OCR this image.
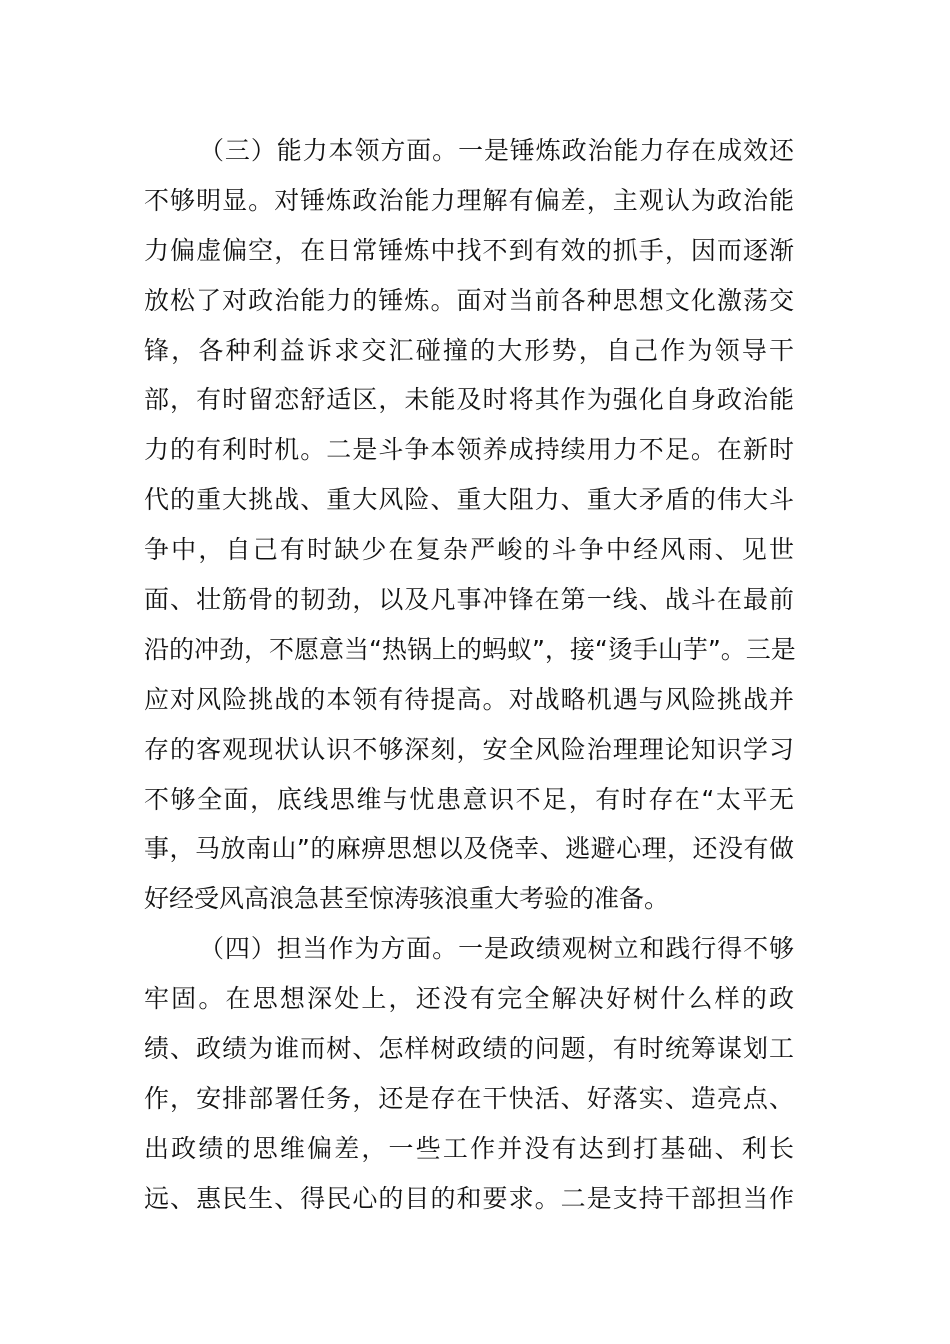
（三）能力本领方面。一是锤炼政治能力存在成效还
不够明显。对锤炼政治能力理解有偏差，主观认为政治能
力偏虚偏空，在日常锤炼中找不到有效的抓手，因而逐渐
放松了对政治能力的锤炼。面对当前各种思想文化激荡交
锋，各种利益诉求交汇碰撞的大形势，自己作为领导干
部，有时留恋舒适区，未能及时将其作为强化自身政治能
力的有利时机。二是斗争本领养成持续用力不足。在新时
代的重大挑战、重大风险、重大阻力、重大矛盾的伟大斗
争中，自己有时缺少在复杂严峻的斗争中经风雨、见世
面、壮筋骨的韧劲，以及凡事冲锋在第一线、战斗在最前
沿的冲劲，不愿意当“热锅上的蚂蚁”，接“烫手山芋”。三是
应对风险挑战的本领有待提高。对战略机遇与风险挑战并
存的客观现状认识不够深刻，安全风险治理理论知识学习
不够全面，底线思维与忧患意识不足，有时存在“太平无
事，马放南山”的麻痹思想以及侥幸、逃避心理，还没有做
好经受风高浪急甚至惊涛骇浪重大考验的准备。
（四）担当作为方面。一是政绩观树立和践行得不够
牢固。在思想深处上，还没有完全解决好树什么样的政
绩、政绩为谁而树、怎样树政绩的问题，有时统筹谋划工
作，安排部署任务，还是存在干快活、好落实、造亮点、
出政绩的思维偏差，一些工作并没有达到打基础、利长
远、惠民生、得民心的目的和要求。二是支持干部担当作
